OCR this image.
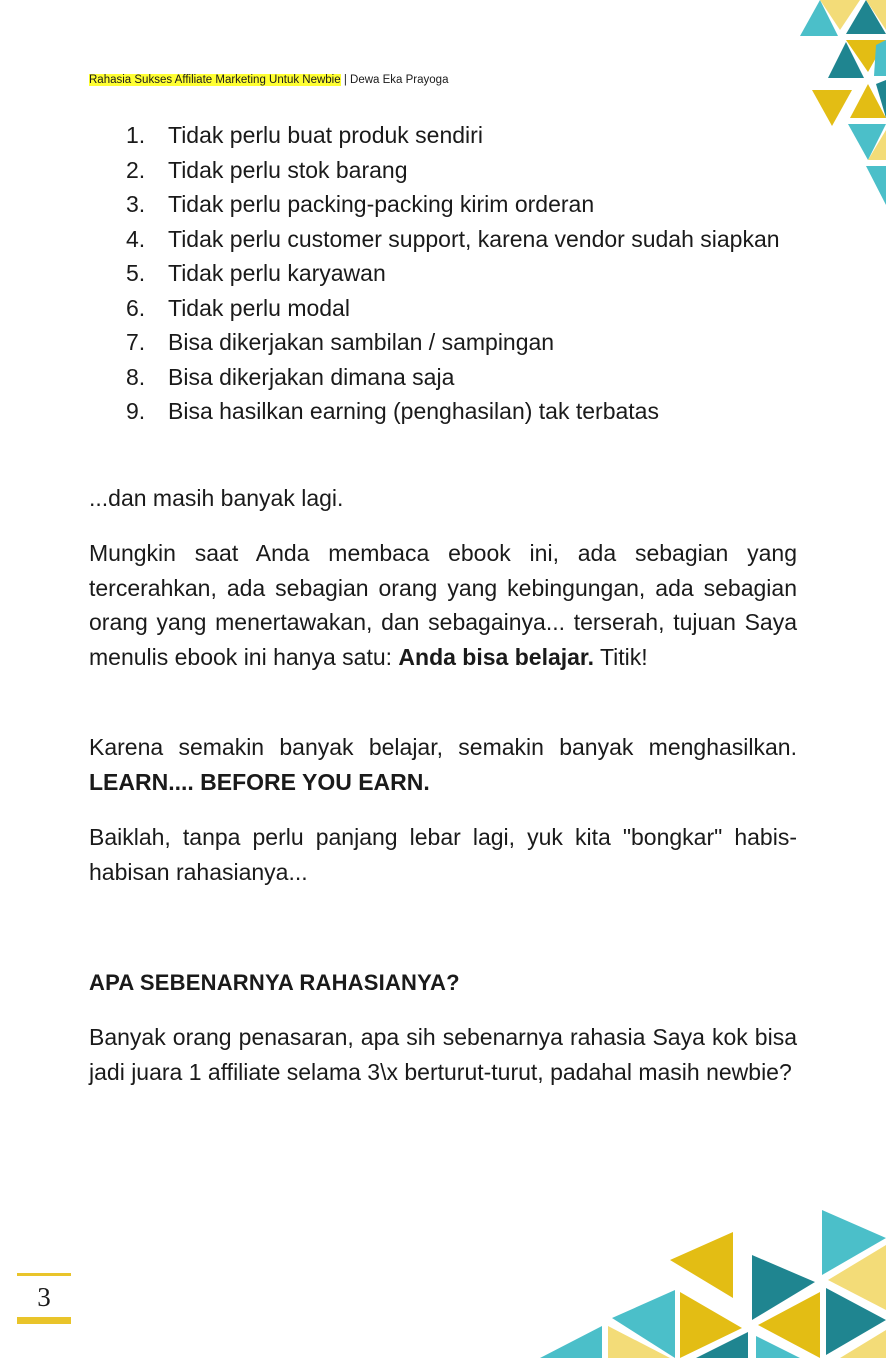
Rahasia Sukses Affiliate Marketing Untuk Newbie | Dewa Eka Prayoga
1. Tidak perlu buat produk sendiri
2. Tidak perlu stok barang
3. Tidak perlu packing-packing kirim orderan
4. Tidak perlu customer support, karena vendor sudah siapkan
5. Tidak perlu karyawan
6. Tidak perlu modal
7. Bisa dikerjakan sambilan / sampingan
8. Bisa dikerjakan dimana saja
9. Bisa hasilkan earning (penghasilan) tak terbatas

...dan masih banyak lagi.

Mungkin saat Anda membaca ebook ini, ada sebagian yang tercerahkan, ada sebagian orang yang kebingungan, ada sebagian orang yang menertawakan, dan sebagainya... terserah, tujuan Saya menulis ebook ini hanya satu: Anda bisa belajar. Titik!

Karena semakin banyak belajar, semakin banyak menghasilkan. LEARN.... BEFORE YOU EARN.

Baiklah, tanpa perlu panjang lebar lagi, yuk kita "bongkar" habis-habisan rahasianya...

APA SEBENARNYA RAHASIANYA?

Banyak orang penasaran, apa sih sebenarnya rahasia Saya kok bisa jadi juara 1 affiliate selama 3\x berturut-turut, padahal masih newbie?

3
